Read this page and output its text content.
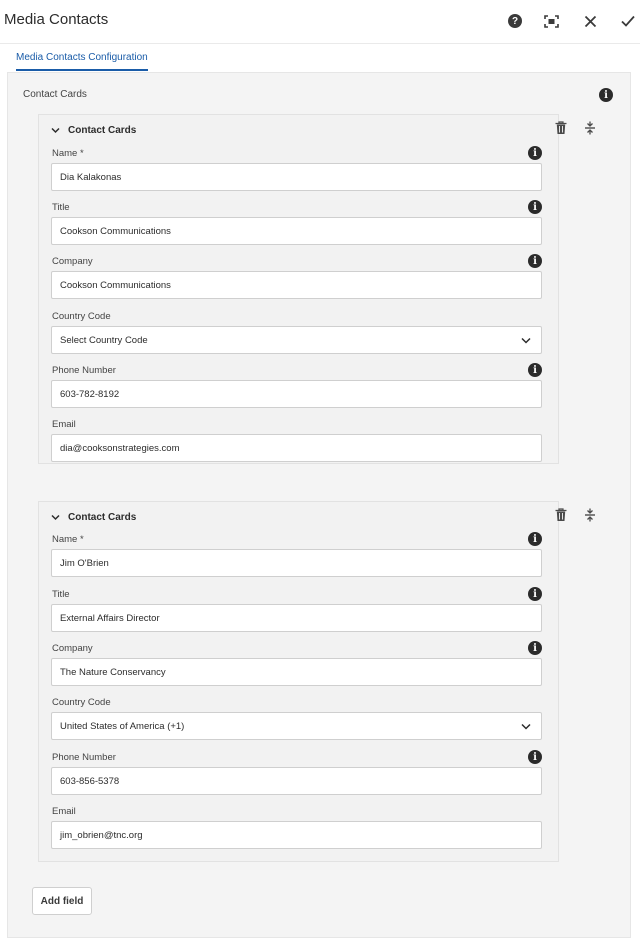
Media Contacts	?
Media Contacts Configuration
Contact Cards	i
Contact Cards
Name *	i
Dia Kalakonas
Title	i
Cookson Communications
Company	i
Cookson Communications
Country Code
Select Country Code
Phone Number	i
603-782-8192
Email
dia@cooksonstrategies.com
Contact Cards
Name *	i
Jim O'Brien
Title	i
External Affairs Director
Company	i
The Nature Conservancy
Country Code
United States of America (+1)
Phone Number	i
603-856-5378
Email
jim_obrien@tnc.org
Add field
